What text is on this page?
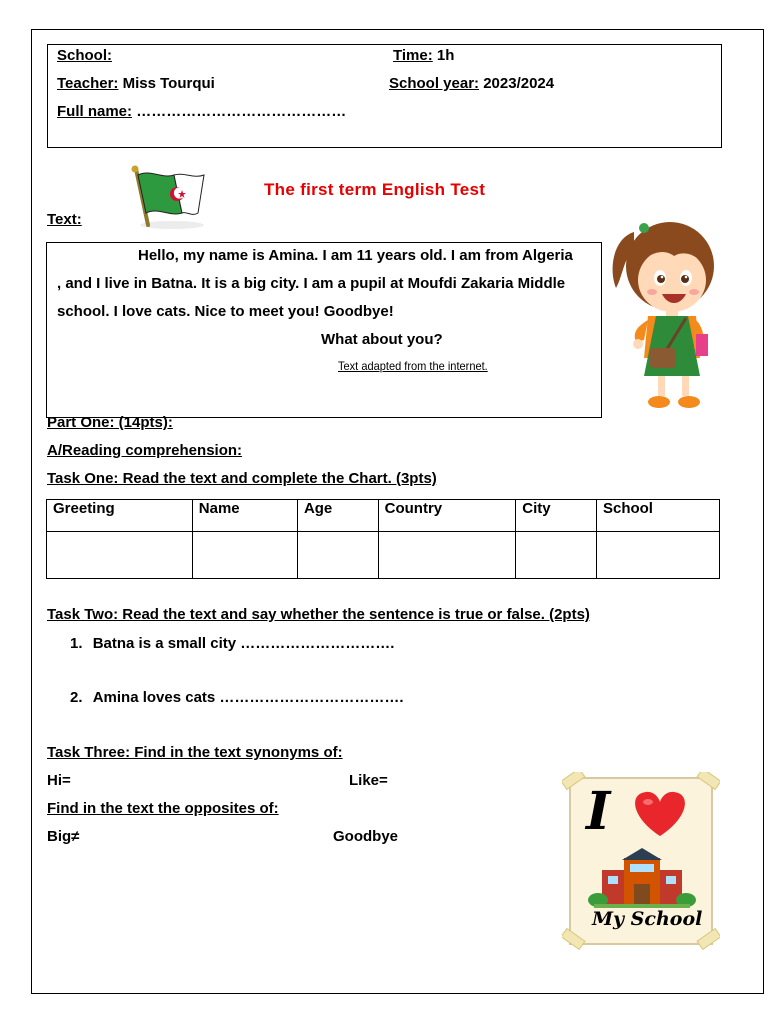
School:	Time: 1h
Teacher: Miss Tourqui	School year: 2023/2024
Full name: ……………………………………
The first term English Test
Text:
Hello, my name is Amina. I am 11 years old. I am from Algeria
, and I live in Batna. It is a big city. I am a pupil at Moufdi Zakaria Middle
school. I love cats. Nice to meet you! Goodbye!
What about you?
Text adapted from the internet.
Part One: (14pts):
A/Reading comprehension:
Task One: Read the text and complete the Chart. (3pts)
Greeting	Name	Age	Country	City	School

Task Two: Read the text and say whether the sentence is true or false. (2pts)
1. Batna is a small city ………………………….
2. Amina loves cats ……………………………….
Task Three: Find in the text synonyms of:
Hi=	Like=
Find in the text the opposites of:
Big≠	Goodbye	I
My School
